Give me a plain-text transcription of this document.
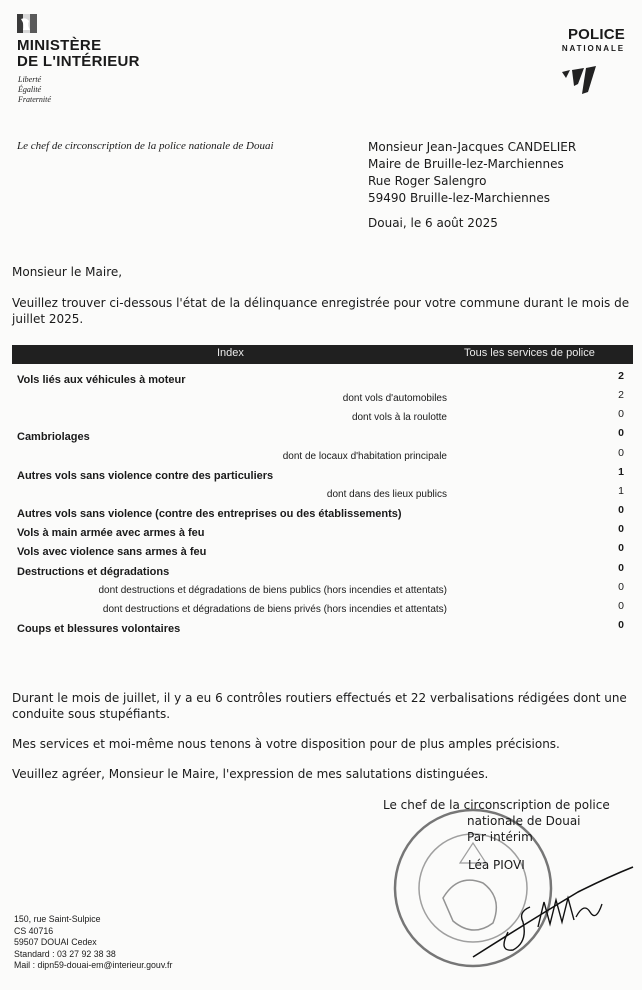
MINISTÈRE
DE L'INTÉRIEUR
Liberté
Égalité
Fraternité
POLICE
NATIONALE
Le chef de circonscription de la police nationale de Douai	Monsieur Jean-Jacques CANDELIER
Maire de Bruille-lez-Marchiennes
Rue Roger Salengro
59490 Bruille-lez-Marchiennes
Douai, le 6 août 2025
Monsieur le Maire,
Veuillez trouver ci-dessous l'état de la délinquance enregistrée pour votre commune durant le mois de juillet 2025.
Index	Tous les services de police
Vols liés aux véhicules à moteur	2
dont vols d'automobiles	2
dont vols à la roulotte	0
Cambriolages	0
dont de locaux d'habitation principale	0
Autres vols sans violence contre des particuliers	1
dont dans des lieux publics	1
Autres vols sans violence (contre des entreprises ou des établissements)	0
Vols à main armée avec armes à feu	0
Vols avec violence sans armes à feu	0
Destructions et dégradations	0
dont destructions et dégradations de biens publics (hors incendies et attentats)	0
dont destructions et dégradations de biens privés (hors incendies et attentats)	0
Coups et blessures volontaires	0

Durant le mois de juillet, il y a eu 6 contrôles routiers effectués et 22 verbalisations rédigées dont une conduite sous stupéfiants.

Mes services et moi-même nous tenons à votre disposition pour de plus amples précisions.

Veuillez agréer, Monsieur le Maire, l'expression de mes salutations distinguées.

Le chef de la circonscription de police
nationale de Douai
Par intérim
Léa PIOVI
150, rue Saint-Sulpice
CS 40716
59507 DOUAI Cedex
Standard : 03 27 92 38 38
Mail : dipn59-douai-em@interieur.gouv.fr
